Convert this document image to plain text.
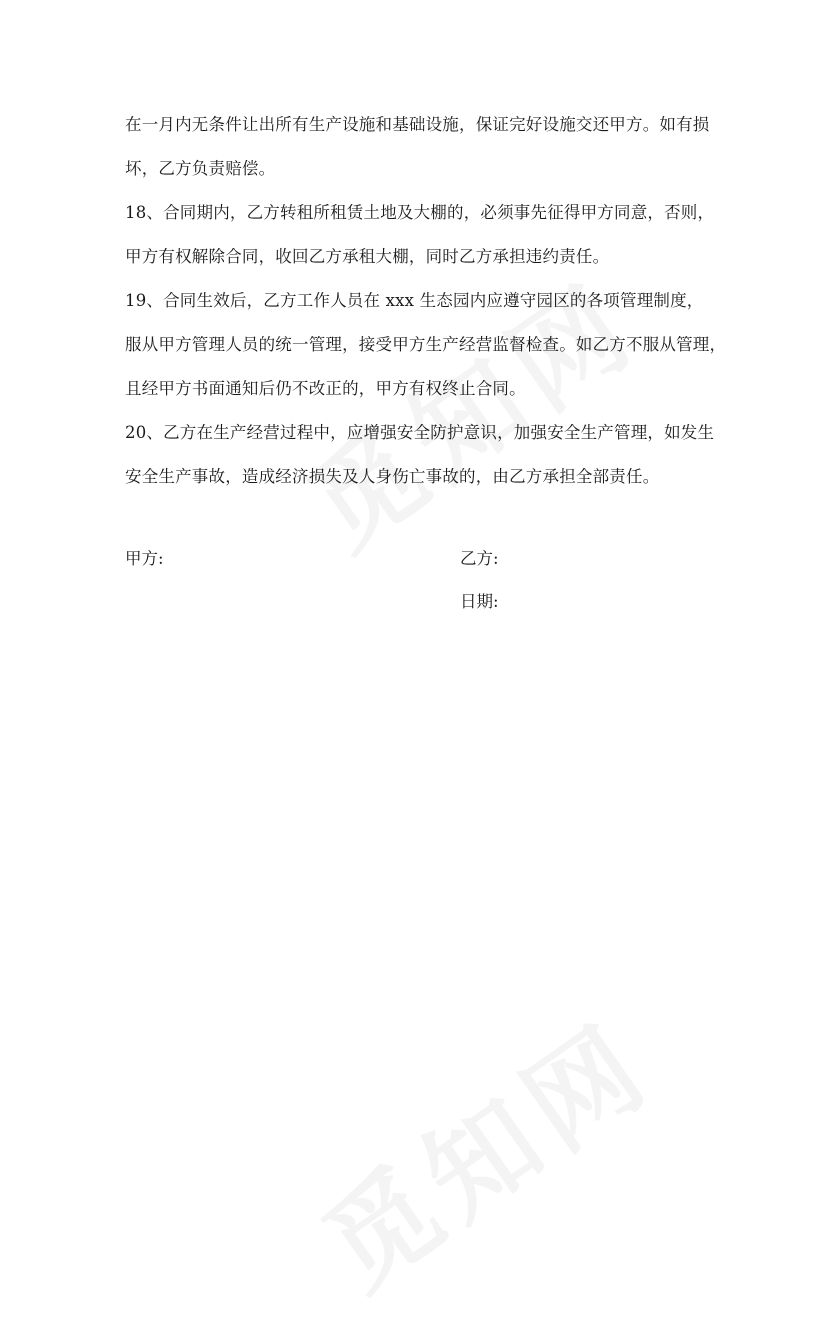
在一月内无条件让出所有生产设施和基础设施，保证完好设施交还甲方。如有损
坏，乙方负责赔偿。
18、合同期内，乙方转租所租赁土地及大棚的，必须事先征得甲方同意，否则，
甲方有权解除合同，收回乙方承租大棚，同时乙方承担违约责任。
19、合同生效后，乙方工作人员在 xxx 生态园内应遵守园区的各项管理制度，
服从甲方管理人员的统一管理，接受甲方生产经营监督检查。如乙方不服从管理，
且经甲方书面通知后仍不改正的，甲方有权终止合同。
20、乙方在生产经营过程中，应增强安全防护意识，加强安全生产管理，如发生
安全生产事故，造成经济损失及人身伤亡事故的，由乙方承担全部责任。
甲方:	乙方:
日期:
